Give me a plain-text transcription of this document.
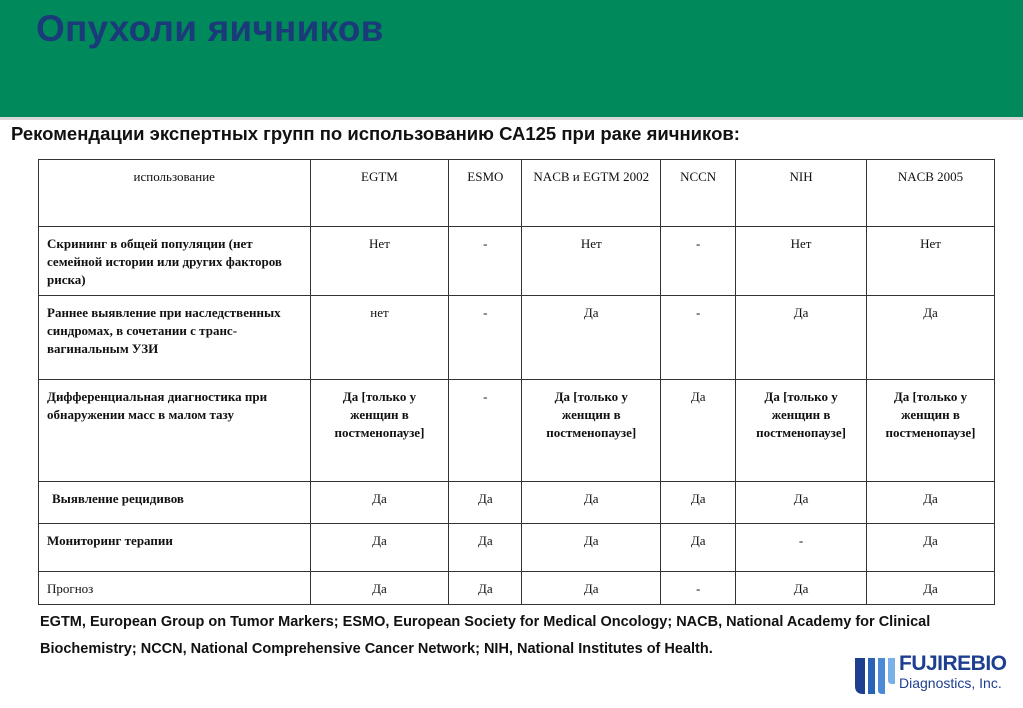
Опухоли яичников
Рекомендации экспертных групп по использованию СА125 при раке яичников:
использование	EGTM	ESMO	NACB и EGTM 2002	NCCN	NIH	NACB 2005
Скрининг в общей популяции (нет семейной истории или других факторов риска)	Нет	-	Нет	-	Нет	Нет
Раннее выявление при наследственных синдромах, в сочетании с транс-вагинальным УЗИ	нет	-	Да	-	Да	Да
Дифференциальная диагностика при обнаружении масс в малом тазу	Да [только у женщин в постменопаузе]	-	Да [только у женщин в постменопаузе]	Да	Да [только у женщин в постменопаузе]	Да [только у женщин в постменопаузе]
Выявление рецидивов	Да	Да	Да	Да	Да	Да
Мониторинг терапии	Да	Да	Да	Да	-	Да
Прогноз	Да	Да	Да	-	Да	Да
EGTM, European Group on Tumor Markers; ESMO, European Society for Medical Oncology; NACB, National Academy for Clinical Biochemistry; NCCN, National Comprehensive Cancer Network; NIH, National Institutes of Health.
FUJIREBIO
Diagnostics, Inc.
